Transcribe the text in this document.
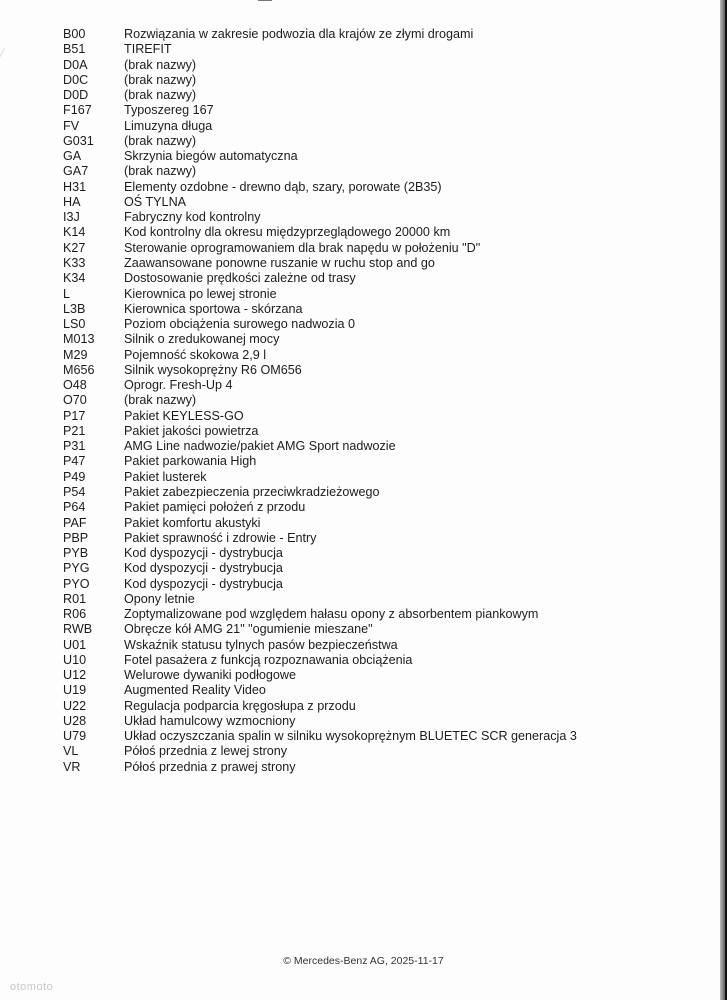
B00	Rozwiązania w zakresie podwozia dla krajów ze złymi drogami
B51	TIREFIT
D0A	(brak nazwy)
D0C	(brak nazwy)
D0D	(brak nazwy)
F167	Typoszereg 167
FV	Limuzyna długa
G031	(brak nazwy)
GA	Skrzynia biegów automatyczna
GA7	(brak nazwy)
H31	Elementy ozdobne - drewno dąb, szary, porowate (2B35)
HA	OŚ TYLNA
I3J	Fabryczny kod kontrolny
K14	Kod kontrolny dla okresu międzyprzeglądowego 20000 km
K27	Sterowanie oprogramowaniem dla brak napędu w położeniu "D"
K33	Zaawansowane ponowne ruszanie w ruchu stop and go
K34	Dostosowanie prędkości zależne od trasy
L	Kierownica po lewej stronie
L3B	Kierownica sportowa - skórzana
LS0	Poziom obciążenia surowego nadwozia 0
M013	Silnik o zredukowanej mocy
M29	Pojemność skokowa 2,9 l
M656	Silnik wysokoprężny R6 OM656
O48	Oprogr. Fresh-Up 4
O70	(brak nazwy)
P17	Pakiet KEYLESS-GO
P21	Pakiet jakości powietrza
P31	AMG Line nadwozie/pakiet AMG Sport nadwozie
P47	Pakiet parkowania High
P49	Pakiet lusterek
P54	Pakiet zabezpieczenia przeciwkradzieżowego
P64	Pakiet pamięci położeń z przodu
PAF	Pakiet komfortu akustyki
PBP	Pakiet sprawność i zdrowie - Entry
PYB	Kod dyspozycji - dystrybucja
PYG	Kod dyspozycji - dystrybucja
PYO	Kod dyspozycji - dystrybucja
R01	Opony letnie
R06	Zoptymalizowane pod względem hałasu opony z absorbentem piankowym
RWB	Obręcze kół AMG 21" "ogumienie mieszane"
U01	Wskaźnik statusu tylnych pasów bezpieczeństwa
U10	Fotel pasażera z funkcją rozpoznawania obciążenia
U12	Welurowe dywaniki podłogowe
U19	Augmented Reality Video
U22	Regulacja podparcia kręgosłupa z przodu
U28	Układ hamulcowy wzmocniony
U79	Układ oczyszczania spalin w silniku wysokoprężnym BLUETEC SCR generacja 3
VL	Półoś przednia z lewej strony
VR	Półoś przednia z prawej strony
© Mercedes-Benz AG, 2025-11-17
otomoto
